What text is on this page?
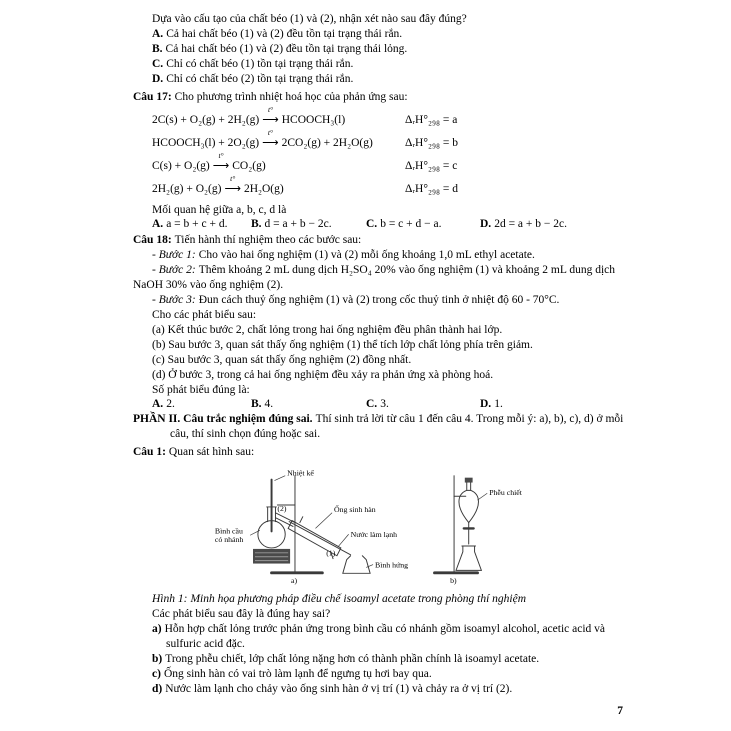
Dựa vào cấu tạo của chất béo (1) và (2), nhận xét nào sau đây đúng?

A. Cả hai chất béo (1) và (2) đều tồn tại trạng thái rắn.

B. Cả hai chất béo (1) và (2) đều tồn tại trạng thái lỏng.

C. Chỉ có chất béo (1) tồn tại trạng thái rắn.

D. Chỉ có chất béo (2) tồn tại trạng thái rắn.

Câu 17: Cho phương trình nhiệt hoá học của phản ứng sau:

2C(s) + O₂(g) + 2H₂(g)
t°
⟶ HCOOCH₃(l)	ΔᵣH°₂₉₈ = a
HCOOCH₃(l) + 2O₂(g)
t°
⟶ 2CO₂(g) + 2H₂O(g)	ΔᵣH°₂₉₈ = b
C(s) + O₂(g)
t°
⟶ CO₂(g)	ΔᵣH°₂₉₈ = c
2H₂(g) + O₂(g)
t°
⟶ 2H₂O(g)	ΔᵣH°₂₉₈ = d

Mối quan hệ giữa a, b, c, d là

A. a = b + c + d.	B. d = a + b − 2c.	C. b = c + d − a.	D. 2d = a + b − 2c.

Câu 18: Tiến hành thí nghiệm theo các bước sau:

- Bước 1: Cho vào hai ống nghiệm (1) và (2) mỗi ống khoảng 1,0 mL ethyl acetate.

- Bước 2: Thêm khoảng 2 mL dung dịch H₂SO₄ 20% vào ống nghiệm (1) và khoảng 2 mL dung dịch NaOH 30% vào ống nghiệm (2).

- Bước 3: Đun cách thuỷ ống nghiệm (1) và (2) trong cốc thuỷ tinh ở nhiệt độ 60 - 70°C.

Cho các phát biểu sau:

(a) Kết thúc bước 2, chất lỏng trong hai ống nghiệm đều phân thành hai lớp.

(b) Sau bước 3, quan sát thấy ống nghiệm (1) thể tích lớp chất lỏng phía trên giảm.

(c) Sau bước 3, quan sát thấy ống nghiệm (2) đồng nhất.

(d) Ở bước 3, trong cả hai ống nghiệm đều xảy ra phản ứng xà phòng hoá.

Số phát biểu đúng là:

A. 2.	B. 4.	C. 3.	D. 1.

PHẦN II. Câu trắc nghiệm đúng sai. Thí sinh trả lời từ câu 1 đến câu 4. Trong mỗi ý: a), b), c), d) ở mỗi câu, thí sinh chọn đúng hoặc sai.

Câu 1: Quan sát hình sau:

Nhiệt kế
(2)	Ống sinh hàn
Bình cầu
có nhánh
Nước làm lạnh
(1)
Bình hứng
Phễu chiết
a)	b)

Hình 1: Minh họa phương pháp điều chế isoamyl acetate trong phòng thí nghiệm

Các phát biểu sau đây là đúng hay sai?

a) Hỗn hợp chất lỏng trước phản ứng trong bình cầu có nhánh gồm isoamyl alcohol, acetic acid và sulfuric acid đặc.

b) Trong phễu chiết, lớp chất lỏng nặng hơn có thành phần chính là isoamyl acetate.

c) Ống sinh hàn có vai trò làm lạnh để ngưng tụ hơi bay qua.

d) Nước làm lạnh cho chảy vào ống sinh hàn ở vị trí (1) và chảy ra ở vị trí (2).

7
